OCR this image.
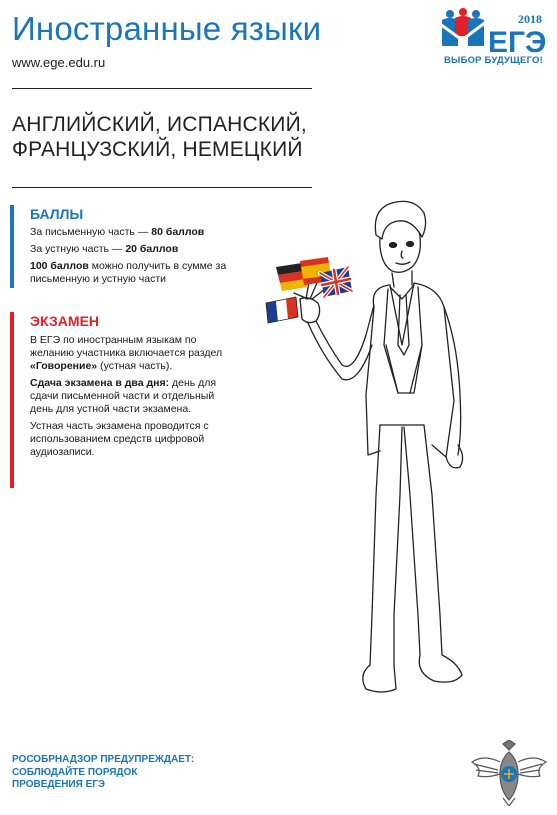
Иностранные языки
www.ege.edu.ru
2018
ЕГЭ
ВЫБОР БУДУЩЕГО!
АНГЛИЙСКИЙ, ИСПАНСКИЙ,
ФРАНЦУЗСКИЙ, НЕМЕЦКИЙ
БАЛЛЫ

За письменную часть — 80 баллов

За устную часть — 20 баллов

100 баллов можно получить в сумме за письменную и устную части

ЭКЗАМЕН

В ЕГЭ по иностранным языкам по желанию участника включается раздел «Говорение» (устная часть).

Сдача экзамена в два дня: день для сдачи письменной части и отдельный день для устной части экзамена.

Устная часть экзамена проводится с использованием средств цифровой аудиозаписи.

РОСОБРНАДЗОР ПРЕДУПРЕЖДАЕТ:
СОБЛЮДАЙТЕ ПОРЯДОК
ПРОВЕДЕНИЯ ЕГЭ
